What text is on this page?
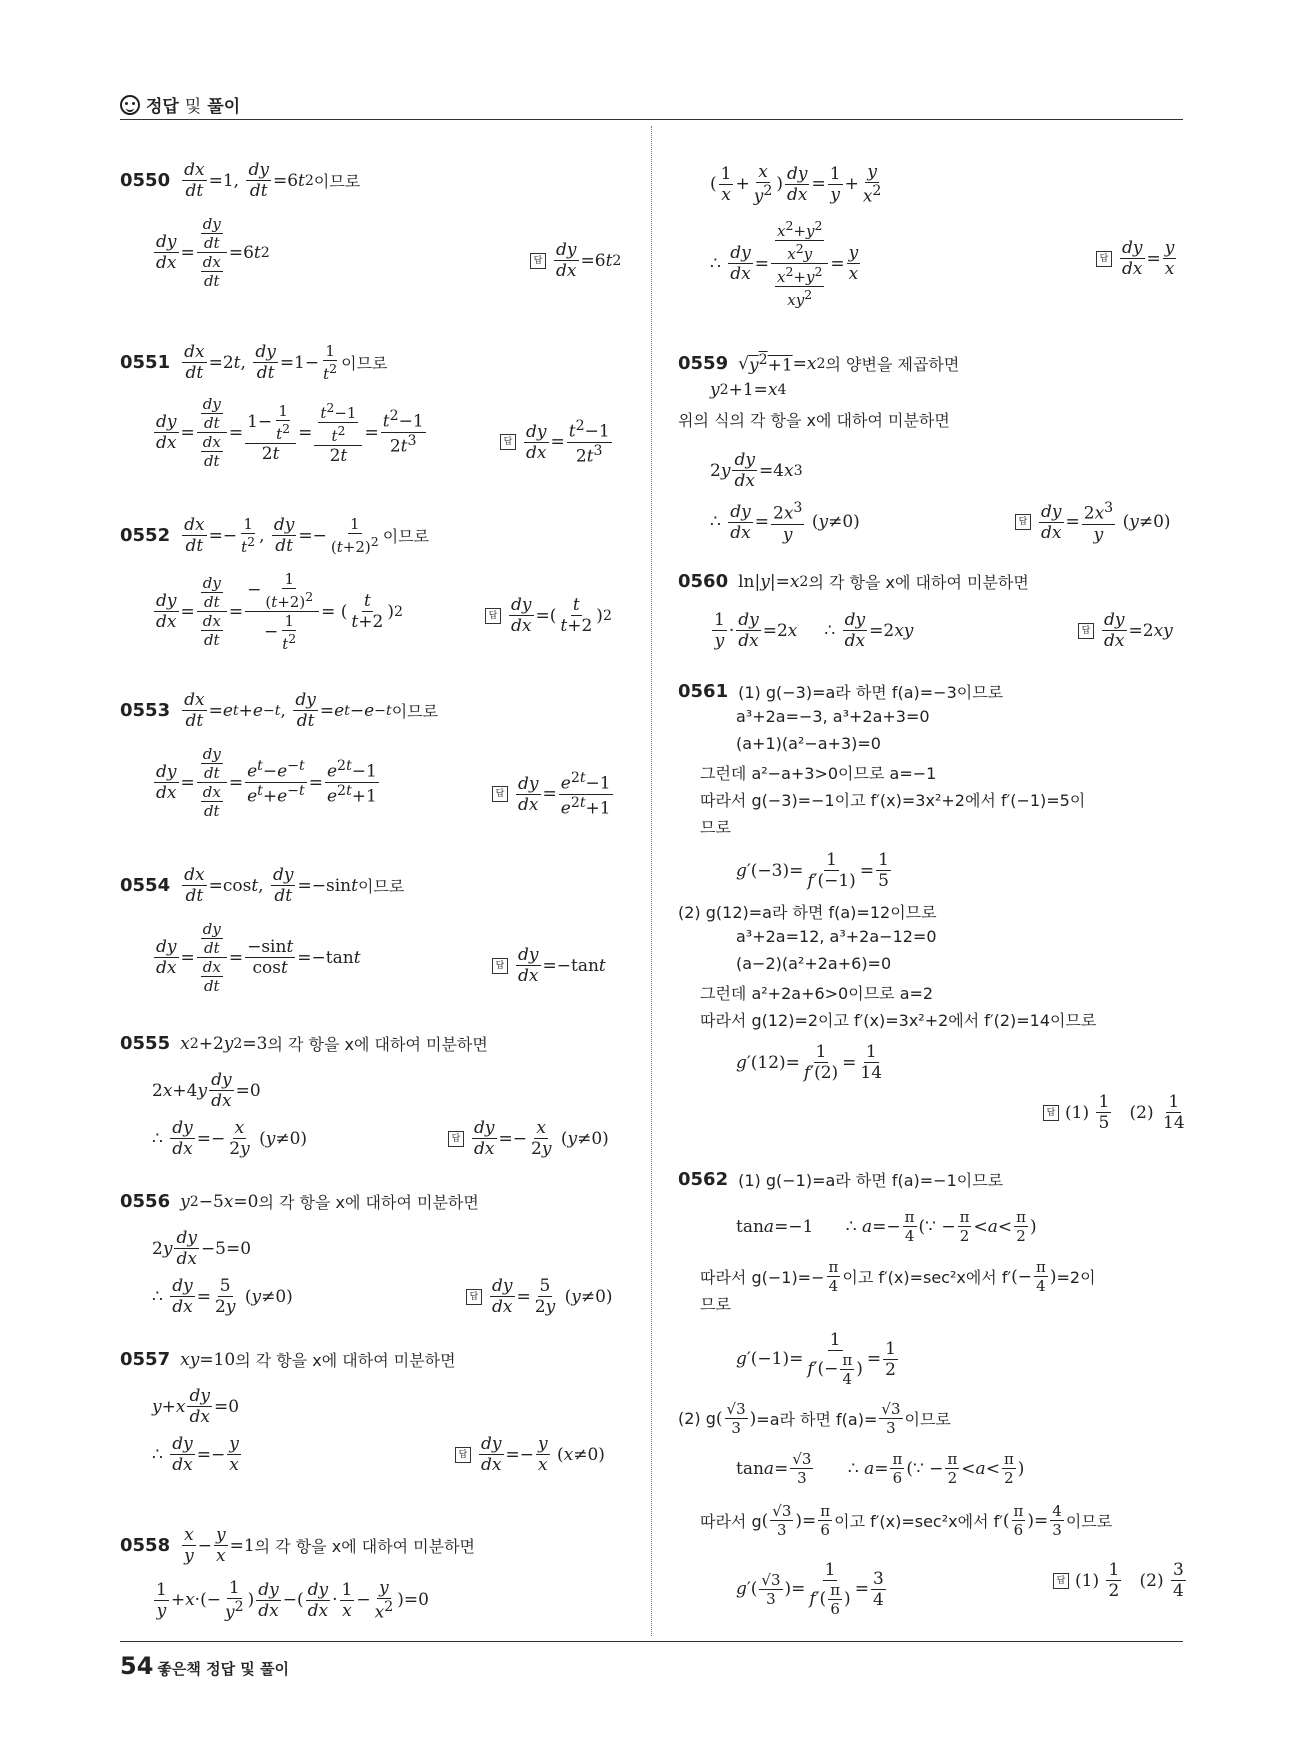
정답 및 풀이
54 좋은책 정답 및 풀이
0550 dx
dt
=1,
dy
dt
=6 t 2 이므로
dy
dx
=
$\frac{dy}{dt}$
$\frac{dx}{dt}$
=6 t 2	답
dy
dx
=6 t 2
0551 dx
dt
=2 t ,
dy
dt
=1−
1
$t^2$ 이므로
dy
dx
=
$\frac{dy}{dt}$
$\frac{dx}{dt}$
=
$1- \frac{1}{t^2}$
2t
= $\frac{t^2-1}{t^2}$
2t
=
$t^2-1$
$2t^3$	답
dy
dx
=
$t^2-1$
$2t^3$
0552 dx
dt
=−
1
$t^2$ ,
dy
dt
=−
1
$(t+2)^2$ 이므로
dy
dx
=
$\frac{dy}{dt}$
$\frac{dx}{dt}$
=
− $\frac{1}{(t+2)^2}$
− $\frac{1}{t^2}$
= (
t
t+2
) 2	답
dy
dx
=(
t
t+2
) 2
0553 dx
dt
= e t + e −t ,
dy
dt
= e t − e −t 이므로
dy
dx
=
$\frac{dy}{dt}$
$\frac{dx}{dt}$
=
$e^t-e^{-t}$
$e^t+e^{-t}$ =
$e^{2t}-1$
$e^{2t}+1$	답
dy
dx
=
$e^{2t}-1$
$e^{2t}+1$
0554 dx
dt
=cos t ,
dy
dt
=−sin t 이므로
dy
dx
=
$\frac{dy}{dt}$
$\frac{dx}{dt}$
=
−sint
cost
=−tan t	답
dy
dx
=−tan t
0555 x 2 +2 y 2 =3 의 각 항을 x에 대하여 미분하면
2 x +4 y
dy
dx
=0
∴
dy
dx
=−
x
2y
( y ≠0)	답
dy
dx
=−
x
2y
( y ≠0)
0556 y 2 −5 x =0 의 각 항을 x에 대하여 미분하면
2 y
dy
dx
−5=0
∴
dy
dx
=
5
2y
( y ≠0)	답
dy
dx
=
5
2y
( y ≠0)
0557 xy =10 의 각 항을 x에 대하여 미분하면
y + x
dy
dx
=0
∴
dy
dx
=−
y
x
답
dy
dx
=−
y
x
( x ≠0)
0558 x
y
−
y
x
=1 의 각 항을 x에 대하여 미분하면
1
y
+ x ·(−
1
$y^2$ )
dy
dx
−(
dy
dx
·
1
x
−
y
$x^2$ )=0
(
1
x
+
x
$y^2$ )
dy
dx
=
1
y
+
y
$x^2$
∴
dy
dx
=
$\frac{x^2+y^2}{x^2y}$
$\frac{x^2+y^2}{xy^2}$
=
y
x
답
dy
dx
=
y
x
0559 √ $y^2+1 = x$ 2 의 양변을 제곱하면
y 2 +1= x 4
위의 식의 각 항을 x에 대하여 미분하면
2 y
dy
dx
=4 x 3
∴
dy
dx
= $2x^3$
y
( y ≠0)	답
dy
dx
= $2x^3$
y
( y ≠0)
0560 ln| y |= x 2 의 각 항을 x에 대하여 미분하면
1
y
·
dy
dx
=2 x ∴
dy
dx
=2 xy	답
dy
dx
=2 xy
0561 (1) g(−3)=a라 하면 f(a)=−3이므로
a³+2a=−3, a³+2a+3=0
(a+1)(a²−a+3)=0
그런데 a²−a+3>0이므로 a=−1
따라서 g(−3)=−1이고 f′(x)=3x²+2에서 f′(−1)=5이
므로
g ′(−3)=
1
f′(−1)
=
1
5
(2) g(12)=a라 하면 f(a)=12이므로
a³+2a=12, a³+2a−12=0
(a−2)(a²+2a+6)=0
그런데 a²+2a+6>0이므로 a=2
따라서 g(12)=2이고 f′(x)=3x²+2에서 f′(2)=14이므로
g ′(12)=
1
f′(2)
=
1
14
답 (1)
1
5
(2)
1
14
0562 (1) g(−1)=a라 하면 f(a)=−1이므로
tan a =−1      ∴ a =− π
4 (∵ − π
2 < a < π
2 )
따라서 $g(-1)=- \frac{\pi}{4}$ 이고 f′(x)=sec²x에서 f′ (− $\frac{\pi}{4}$ ) =2이
므로
g ′(−1)=
1
$f'(- \frac{\pi}{4}$ ) =
1
2
(2) g ( $\frac{√3}{3}$ ) =a라 하면 $f(a)= \frac{√3}{3}$ 이므로
tan a = √3
3 ∴ a = π
6 (∵ − π
2 < a < π
2 )
따라서 g ( √3
3 )= π
6 이고 f′(x)=sec²x에서 f′ ( π
6 )= 4
3 이므로
g ′( √3
3 )=
1
$f'( \frac{\pi}{6}$ ) =
3
4
답 (1)
1
2
(2)
3
4
